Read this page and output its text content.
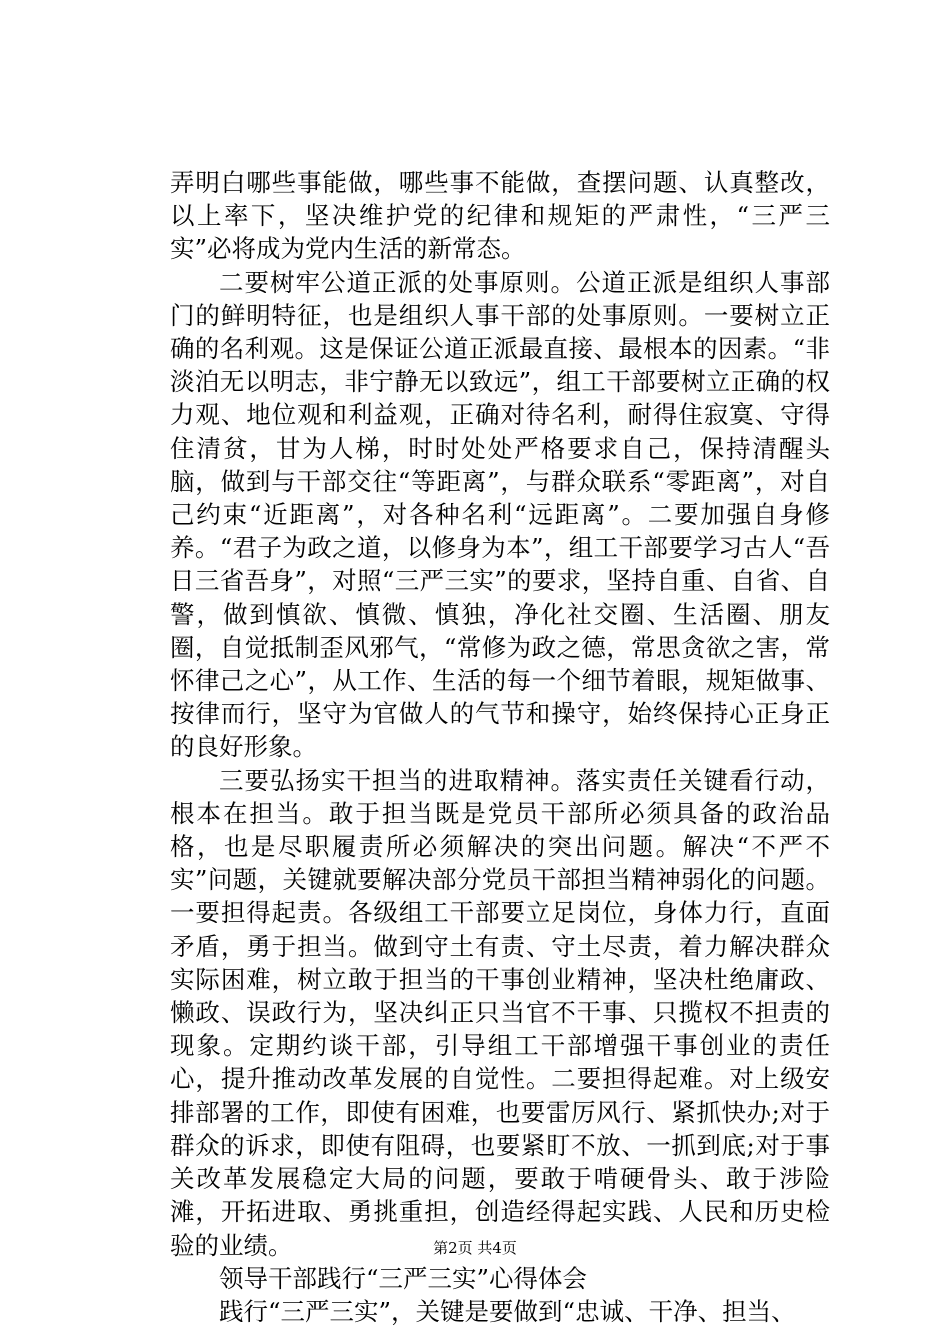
弄明白哪些事能做，哪些事不能做，查摆问题、认真整改，以上率下，坚决维护党的纪律和规矩的严肃性，“三严三实”必将成为党内生活的新常态。

二要树牢公道正派的处事原则。公道正派是组织人事部门的鲜明特征，也是组织人事干部的处事原则。一要树立正确的名利观。这是保证公道正派最直接、最根本的因素。“非淡泊无以明志，非宁静无以致远”，组工干部要树立正确的权力观、地位观和利益观，正确对待名利，耐得住寂寞、守得住清贫，甘为人梯，时时处处严格要求自己，保持清醒头脑，做到与干部交往“等距离”，与群众联系“零距离”，对自己约束“近距离”，对各种名利“远距离”。二要加强自身修养。“君子为政之道，以修身为本”，组工干部要学习古人“吾日三省吾身”，对照“三严三实”的要求，坚持自重、自省、自警，做到慎欲、慎微、慎独，净化社交圈、生活圈、朋友圈，自觉抵制歪风邪气，“常修为政之德，常思贪欲之害，常怀律己之心”，从工作、生活的每一个细节着眼，规矩做事、按律而行，坚守为官做人的气节和操守，始终保持心正身正的良好形象。

三要弘扬实干担当的进取精神。落实责任关键看行动，根本在担当。敢于担当既是党员干部所必须具备的政治品格，也是尽职履责所必须解决的突出问题。解决“不严不实”问题，关键就要解决部分党员干部担当精神弱化的问题。一要担得起责。各级组工干部要立足岗位，身体力行，直面矛盾，勇于担当。做到守土有责、守土尽责，着力解决群众实际困难，树立敢于担当的干事创业精神，坚决杜绝庸政、懒政、误政行为，坚决纠正只当官不干事、只揽权不担责的现象。定期约谈干部，引导组工干部增强干事创业的责任心，提升推动改革发展的自觉性。二要担得起难。对上级安排部署的工作，即使有困难，也要雷厉风行、紧抓快办;对于群众的诉求，即使有阻碍，也要紧盯不放、一抓到底;对于事关改革发展稳定大局的问题，要敢于啃硬骨头、敢于涉险滩，开拓进取、勇挑重担，创造经得起实践、人民和历史检验的业绩。

领导干部践行“三严三实”心得体会

践行“三严三实”，关键是要做到“忠诚、干净、担当、

第2页 共4页
